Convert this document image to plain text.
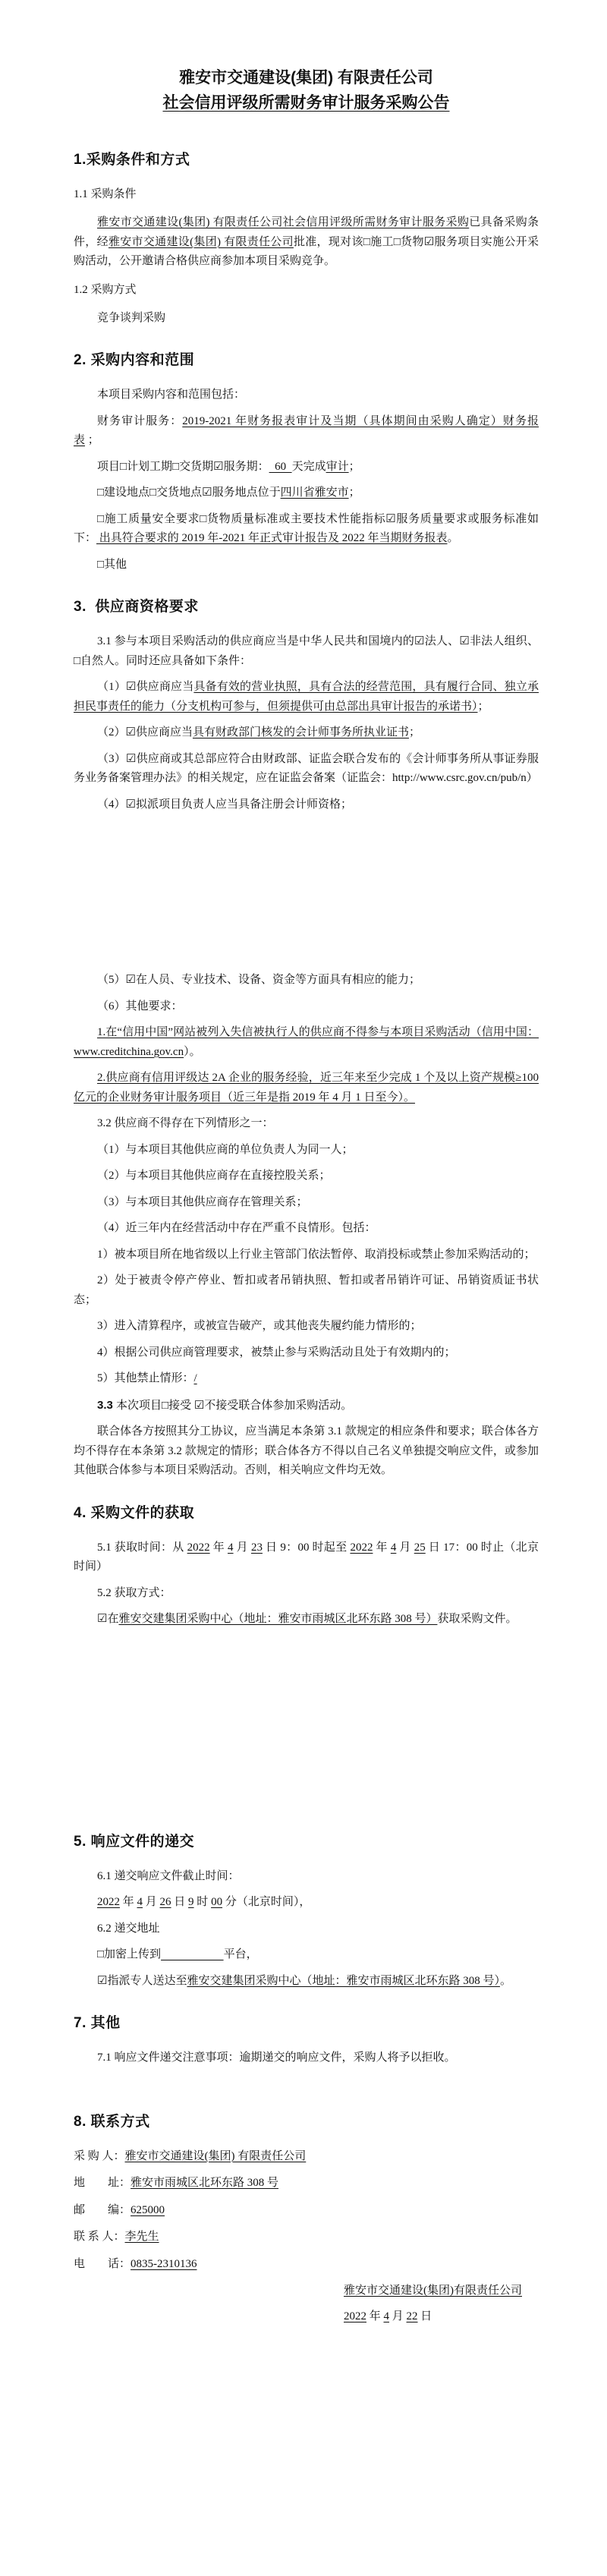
雅安市交通建设(集团) 有限责任公司
社会信用评级所需财务审计服务采购公告
1.采购条件和方式
1.1 采购条件

雅安市交通建设(集团) 有限责任公司社会信用评级所需财务审计服务采购已具备采购条件，经雅安市交通建设(集团) 有限责任公司批准，现对该□施工□货物☑服务项目实施公开采购活动，公开邀请合格供应商参加本项目采购竞争。

1.2 采购方式

竞争谈判采购

2. 采购内容和范围

本项目采购内容和范围包括：

财务审计服务：2019-2021 年财务报表审计及当期（具体期间由采购人确定）财务报表 ；

项目□计划工期□交货期☑服务期：  60  天完成审计；

□建设地点□交货地点☑服务地点位于四川省雅安市；

□施工质量安全要求□货物质量标准或主要技术性能指标☑服务质量要求或服务标准如下： 出具符合要求的 2019 年-2021 年正式审计报告及 2022 年当期财务报表。

□其他

3.  供应商资格要求

3.1 参与本项目采购活动的供应商应当是中华人民共和国境内的☑法人、☑非法人组织、□自然人。同时还应具备如下条件：

（1）☑供应商应当具备有效的营业执照，具有合法的经营范围，具有履行合同、独立承担民事责任的能力（分支机构可参与，但须提供可由总部出具审计报告的承诺书）；

（2）☑供应商应当具有财政部门核发的会计师事务所执业证书；

（3）☑供应商或其总部应符合由财政部、证监会联合发布的《会计师事务所从事证券服务业务备案管理办法》的相关规定，应在证监会备案（证监会：http://www.csrc.gov.cn/pub/n）

（4）☑拟派项目负责人应当具备注册会计师资格；

（5）☑在人员、专业技术、设备、资金等方面具有相应的能力；

（6）其他要求：

1.在“信用中国”网站被列入失信被执行人的供应商不得参与本项目采购活动（信用中国：www.creditchina.gov.cn）。

2.供应商有信用评级达 2A 企业的服务经验，近三年来至少完成 1 个及以上资产规模≥100 亿元的企业财务审计服务项目（近三年是指 2019 年 4 月 1 日至今）。

3.2 供应商不得存在下列情形之一：

（1）与本项目其他供应商的单位负责人为同一人；

（2）与本项目其他供应商存在直接控股关系；

（3）与本项目其他供应商存在管理关系；

（4）近三年内在经营活动中存在严重不良情形。包括：

1）被本项目所在地省级以上行业主管部门依法暂停、取消投标或禁止参加采购活动的；

2）处于被责令停产停业、暂扣或者吊销执照、暂扣或者吊销许可证、吊销资质证书状态；

3）进入清算程序，或被宣告破产，或其他丧失履约能力情形的；

4）根据公司供应商管理要求，被禁止参与采购活动且处于有效期内的；

5）其他禁止情形：/

3.3 本次项目□接受 ☑不接受联合体参加采购活动。

联合体各方按照其分工协议，应当满足本条第 3.1 款规定的相应条件和要求；联合体各方均不得存在本条第 3.2 款规定的情形；联合体各方不得以自己名义单独提交响应文件，或参加其他联合体参与本项目采购活动。否则，相关响应文件均无效。

4. 采购文件的获取

5.1 获取时间：从 2022 年 4 月 23 日 9：00 时起至 2022 年 4 月 25 日 17：00 时止（北京时间）

5.2 获取方式：

☑在雅安交建集团采购中心（地址：雅安市雨城区北环东路 308 号）获取采购文件。

5. 响应文件的递交

6.1 递交响应文件截止时间：

2022 年 4 月 26 日 9 时 00 分（北京时间），

6.2 递交地址

□加密上传到	平台，

☑指派专人送达至雅安交建集团采购中心（地址：雅安市雨城区北环东路 308 号）。

7. 其他

7.1 响应文件递交注意事项：逾期递交的响应文件，采购人将予以拒收。

8. 联系方式

采 购 人：雅安市交通建设(集团) 有限责任公司

地　　址：雅安市雨城区北环东路 308 号

邮　　编：625000

联 系 人：李先生

电　　话：0835-2310136

雅安市交通建设(集团)有限责任公司

2022 年 4 月 22 日
